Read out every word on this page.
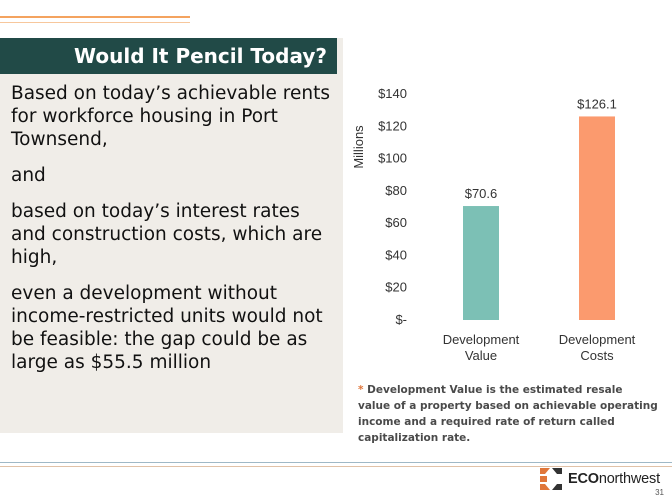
Would It Pencil Today?

Based on today’s achievable rents for workforce housing in Port Townsend,

and

based on today’s interest rates and construction costs, which are high,

even a development without income-restricted units would not be feasible: the gap could be as large as $55.5 million

Millions
$-
$20
$40
$60
$80
$100
$120
$140
$70.6
$126.1
Development
Value
Development
Costs
* Development Value is the estimated resale value of a property based on achievable operating income and a required rate of return called capitalization rate.
ECOnorthwest
31
